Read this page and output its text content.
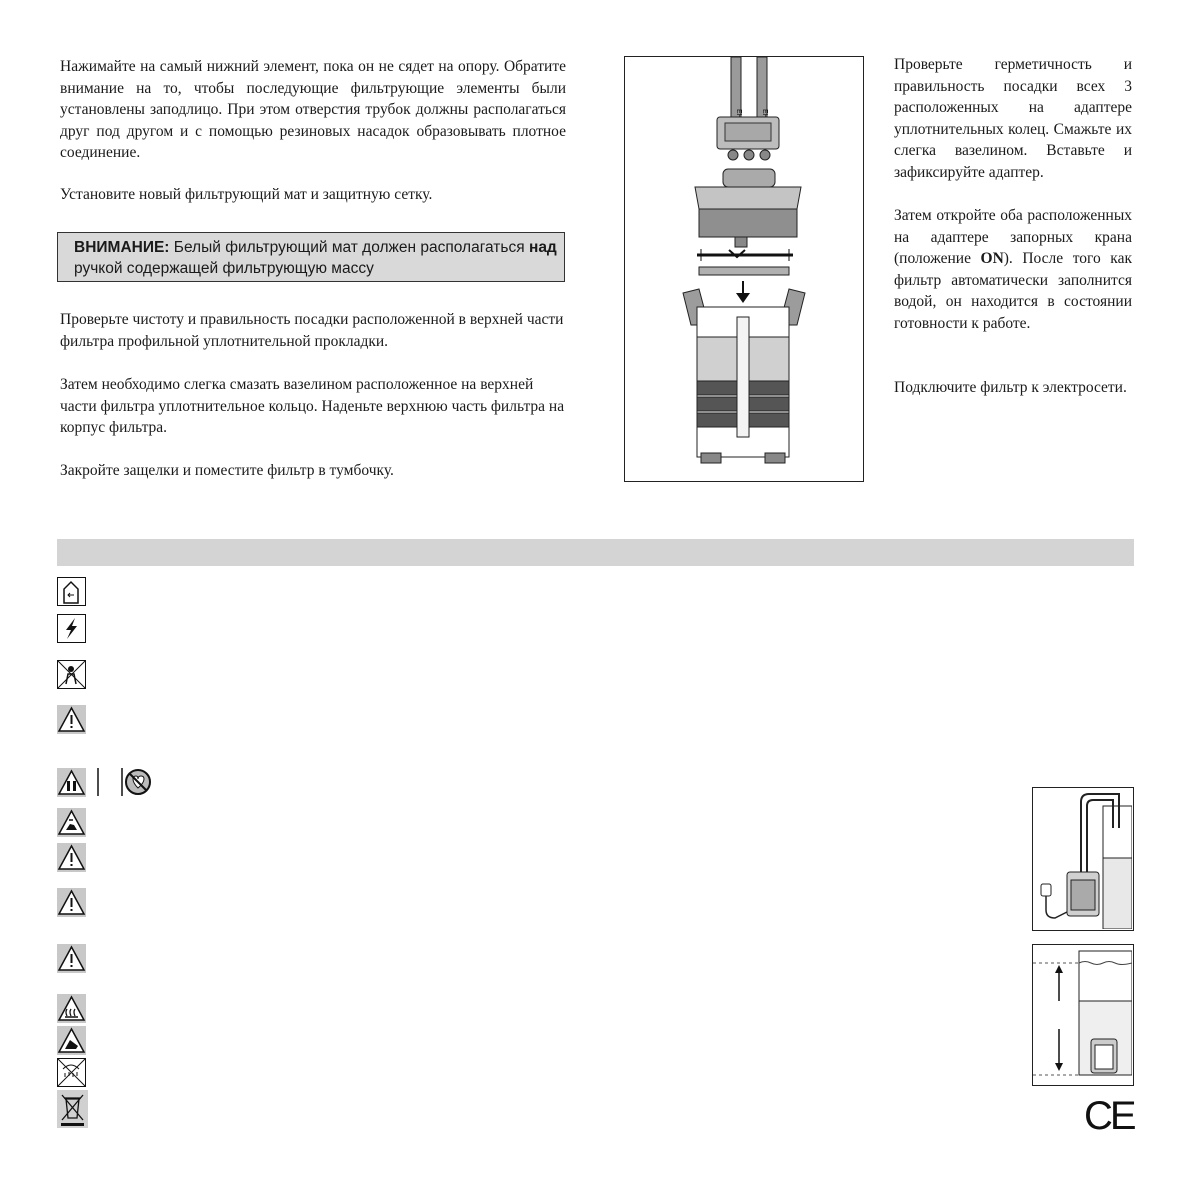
Нажимайте на самый нижний элемент, пока он не сядет на опору. Обратите внимание на то, чтобы последующие фильтрующие элементы были установлены заподлицо. При этом отверстия трубок должны располагаться друг под другом и с помощью резиновых насадок образовывать плотное соединение.

Установите новый фильтрующий мат и защитную сетку.

ВНИМАНИЕ: Белый фильтрующий мат должен располагаться над ручкой содержащей фильтрующую массу

Проверьте чистоту и правильность посадки расположенной в верхней части фильтра профильной уплотнительной прокладки.

Затем необходимо слегка смазать вазелином расположенное на верхней части фильтра уплотнительное кольцо. Наденьте верхнюю часть фильтра на корпус фильтра.

Закройте защелки и поместите фильтр в тумбочку.

Проверьте герметичность и правильность посадки всех 3 расположенных на адаптере уплотнительных колец. Смажьте их слегка вазелином. Вставьте и зафиксируйте адаптер.

Затем откройте оба расположенных на адаптере запорных крана (положение ON). После того как фильтр автоматически заполнится водой, он находится в состоянии готовности к работе.

Подключите фильтр к электросети.

CE
